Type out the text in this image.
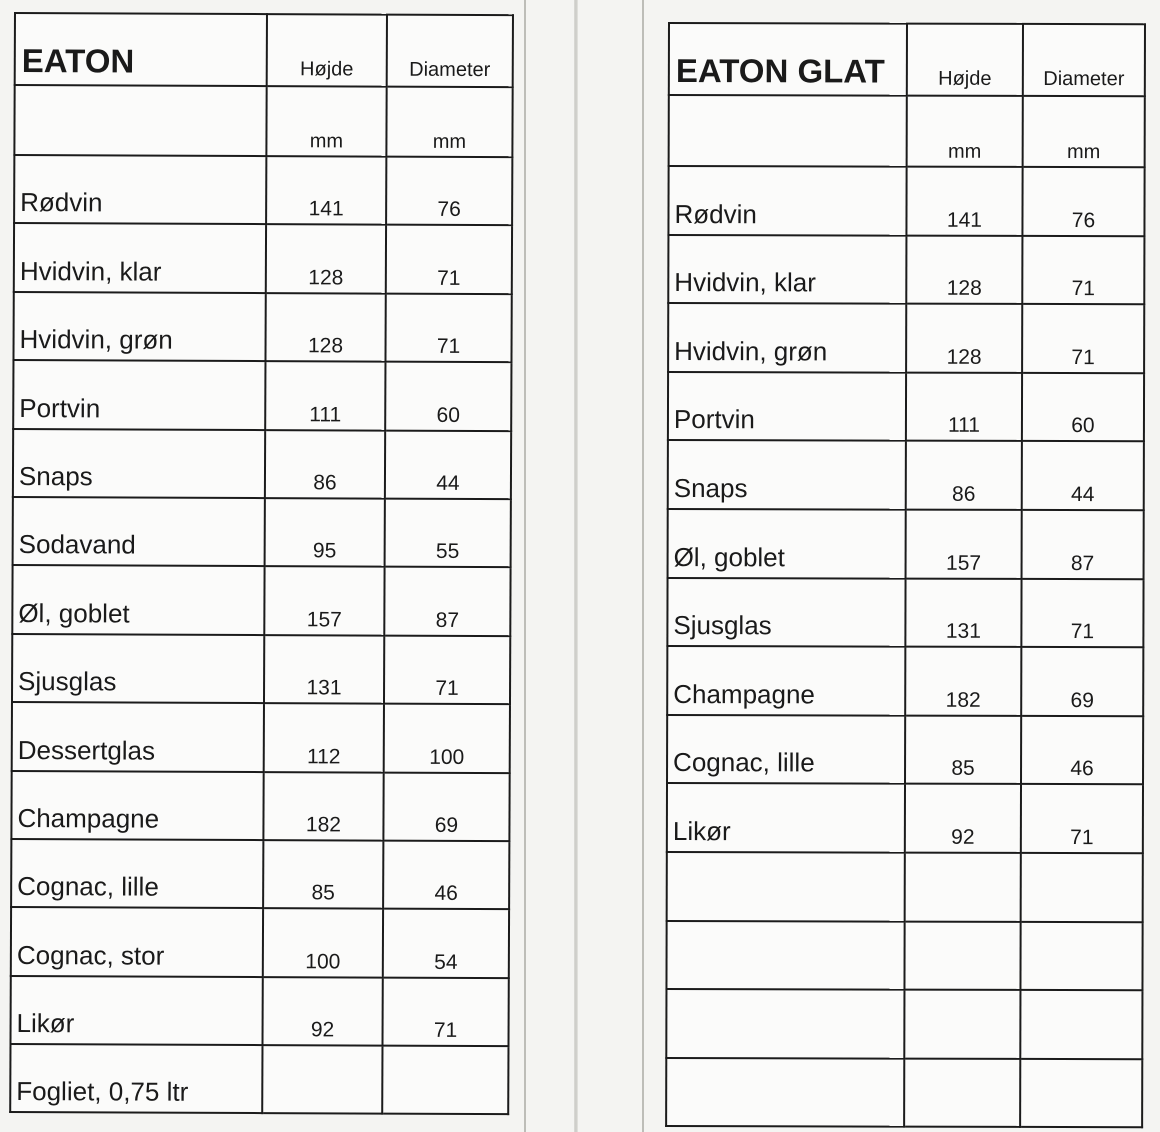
EATON	Højde	Diameter
	mm	mm
Rødvin	141	76
Hvidvin, klar	128	71
Hvidvin, grøn	128	71
Portvin	111	60
Snaps	86	44
Sodavand	95	55
Øl, goblet	157	87
Sjusglas	131	71
Dessertglas	112	100
Champagne	182	69
Cognac, lille	85	46
Cognac, stor	100	54
Likør	92	71
Fogliet, 0,75 ltr		
EATON GLAT	Højde	Diameter
	mm	mm
Rødvin	141	76
Hvidvin, klar	128	71
Hvidvin, grøn	128	71
Portvin	111	60
Snaps	86	44
Øl, goblet	157	87
Sjusglas	131	71
Champagne	182	69
Cognac, lille	85	46
Likør	92	71
